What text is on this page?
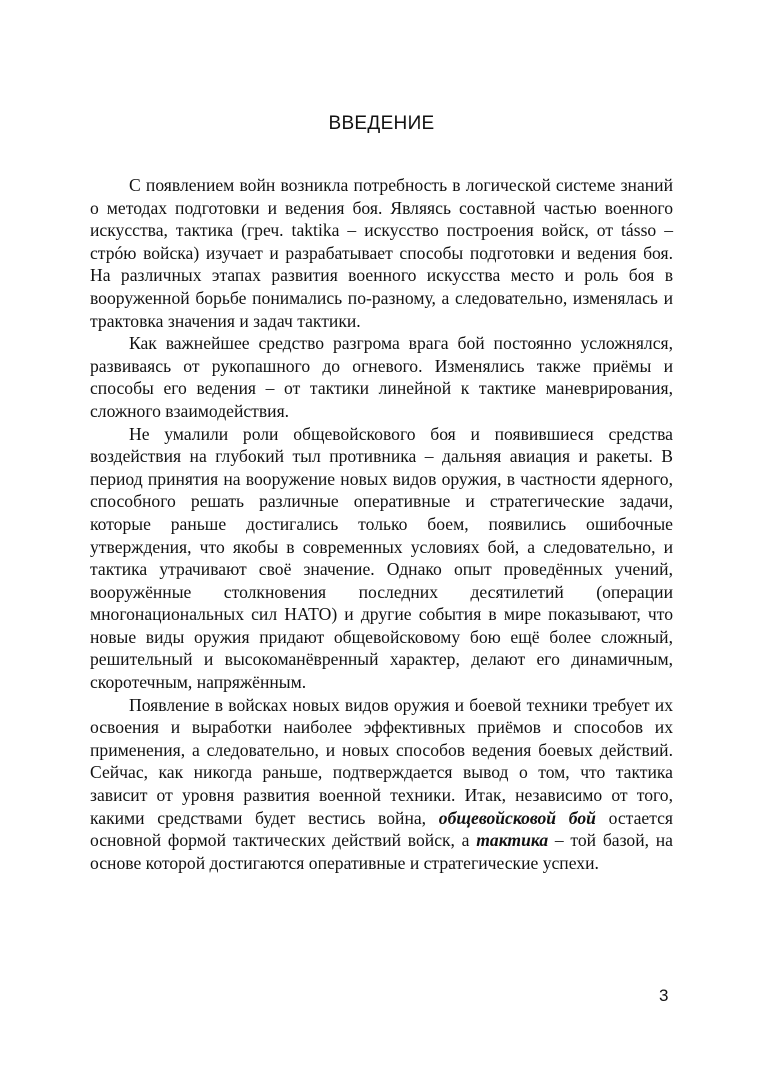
ВВЕДЕНИЕ

С появлением войн возникла потребность в логической системе знаний о методах подготовки и ведения боя. Являясь составной частью военного искусства, тактика (греч. taktika – искусство построения войск, от tásso – стрóю войска) изучает и разрабатывает способы подготовки и ведения боя. На различных этапах развития военного искусства место и роль боя в вооруженной борьбе понимались по-разному, а следовательно, изменялась и трактовка значения и задач тактики.

Как важнейшее средство разгрома врага бой постоянно усложнялся, развиваясь от рукопашного до огневого. Изменялись также приёмы и способы его ведения – от тактики линейной к тактике маневрирования, сложного взаимодействия.

Не умалили роли общевойскового боя и появившиеся средства воздействия на глубокий тыл противника – дальняя авиация и ракеты. В период принятия на вооружение новых видов оружия, в частности ядерного, способного решать различные оперативные и стратегические задачи, которые раньше достигались только боем, появились ошибочные утверждения, что якобы в современных условиях бой, а следовательно, и тактика утрачивают своё значение. Однако опыт проведённых учений, вооружённые столкновения последних десятилетий (операции многонациональных сил НАТО) и другие события в мире показывают, что новые виды оружия придают общевойсковому бою ещё более сложный, решительный и высокоманёвренный характер, делают его динамичным, скоротечным, напряжённым.

Появление в войсках новых видов оружия и боевой техники требует их освоения и выработки наиболее эффективных приёмов и способов их применения, а следовательно, и новых способов ведения боевых действий. Сейчас, как никогда раньше, подтверждается вывод о том, что тактика зависит от уровня развития военной техники. Итак, независимо от того, какими средствами будет вестись война, общевойсковой бой остается основной формой тактических действий войск, а тактика – той базой, на основе которой достигаются оперативные и стратегические успехи.

3
